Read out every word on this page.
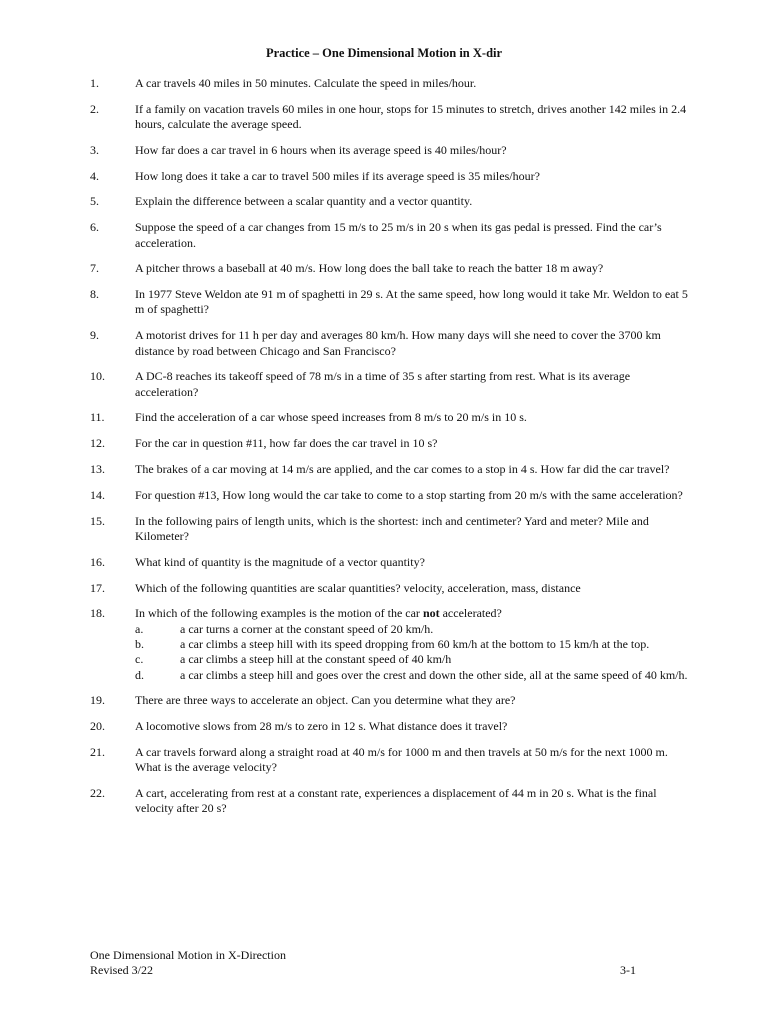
Practice – One Dimensional Motion in X-dir
1.	A car travels 40 miles in 50 minutes. Calculate the speed in miles/hour.
2.	If a family on vacation travels 60 miles in one hour, stops for 15 minutes to stretch, drives another 142 miles in 2.4 hours, calculate the average speed.
3.	How far does a car travel in 6 hours when its average speed is 40 miles/hour?
4.	How long does it take a car to travel 500 miles if its average speed is 35 miles/hour?
5.	Explain the difference between a scalar quantity and a vector quantity.
6.	Suppose the speed of a car changes from 15 m/s to 25 m/s in 20 s when its gas pedal is pressed. Find the car’s acceleration.
7.	A pitcher throws a baseball at 40 m/s. How long does the ball take to reach the batter 18 m away?
8.	In 1977 Steve Weldon ate 91 m of spaghetti in 29 s. At the same speed, how long would it take Mr. Weldon to eat 5 m of spaghetti?
9.	A motorist drives for 11 h per day and averages 80 km/h. How many days will she need to cover the 3700 km distance by road between Chicago and San Francisco?
10.	A DC-8 reaches its takeoff speed of 78 m/s in a time of 35 s after starting from rest. What is its average acceleration?
11.	Find the acceleration of a car whose speed increases from 8 m/s to 20 m/s in 10 s.
12.	For the car in question #11, how far does the car travel in 10 s?
13.	The brakes of a car moving at 14 m/s are applied, and the car comes to a stop in 4 s. How far did the car travel?
14.	For question #13, How long would the car take to come to a stop starting from 20 m/s with the same acceleration?
15.	In the following pairs of length units, which is the shortest: inch and centimeter? Yard and meter? Mile and Kilometer?
16.	What kind of quantity is the magnitude of a vector quantity?
17.	Which of the following quantities are scalar quantities? velocity, acceleration, mass, distance
18.	In which of the following examples is the motion of the car not accelerated?
a.	a car turns a corner at the constant speed of 20 km/h.
b.	a car climbs a steep hill with its speed dropping from 60 km/h at the bottom to 15 km/h at the top.
c.	a car climbs a steep hill at the constant speed of 40 km/h
d.	a car climbs a steep hill and goes over the crest and down the other side, all at the same speed of 40 km/h.
19.	There are three ways to accelerate an object. Can you determine what they are?
20.	A locomotive slows from 28 m/s to zero in 12 s. What distance does it travel?
21.	A car travels forward along a straight road at 40 m/s for 1000 m and then travels at 50 m/s for the next 1000 m. What is the average velocity?
22.	A cart, accelerating from rest at a constant rate, experiences a displacement of 44 m in 20 s. What is the final velocity after 20 s?
One Dimensional Motion in X-Direction
Revised 3/22	3-1
